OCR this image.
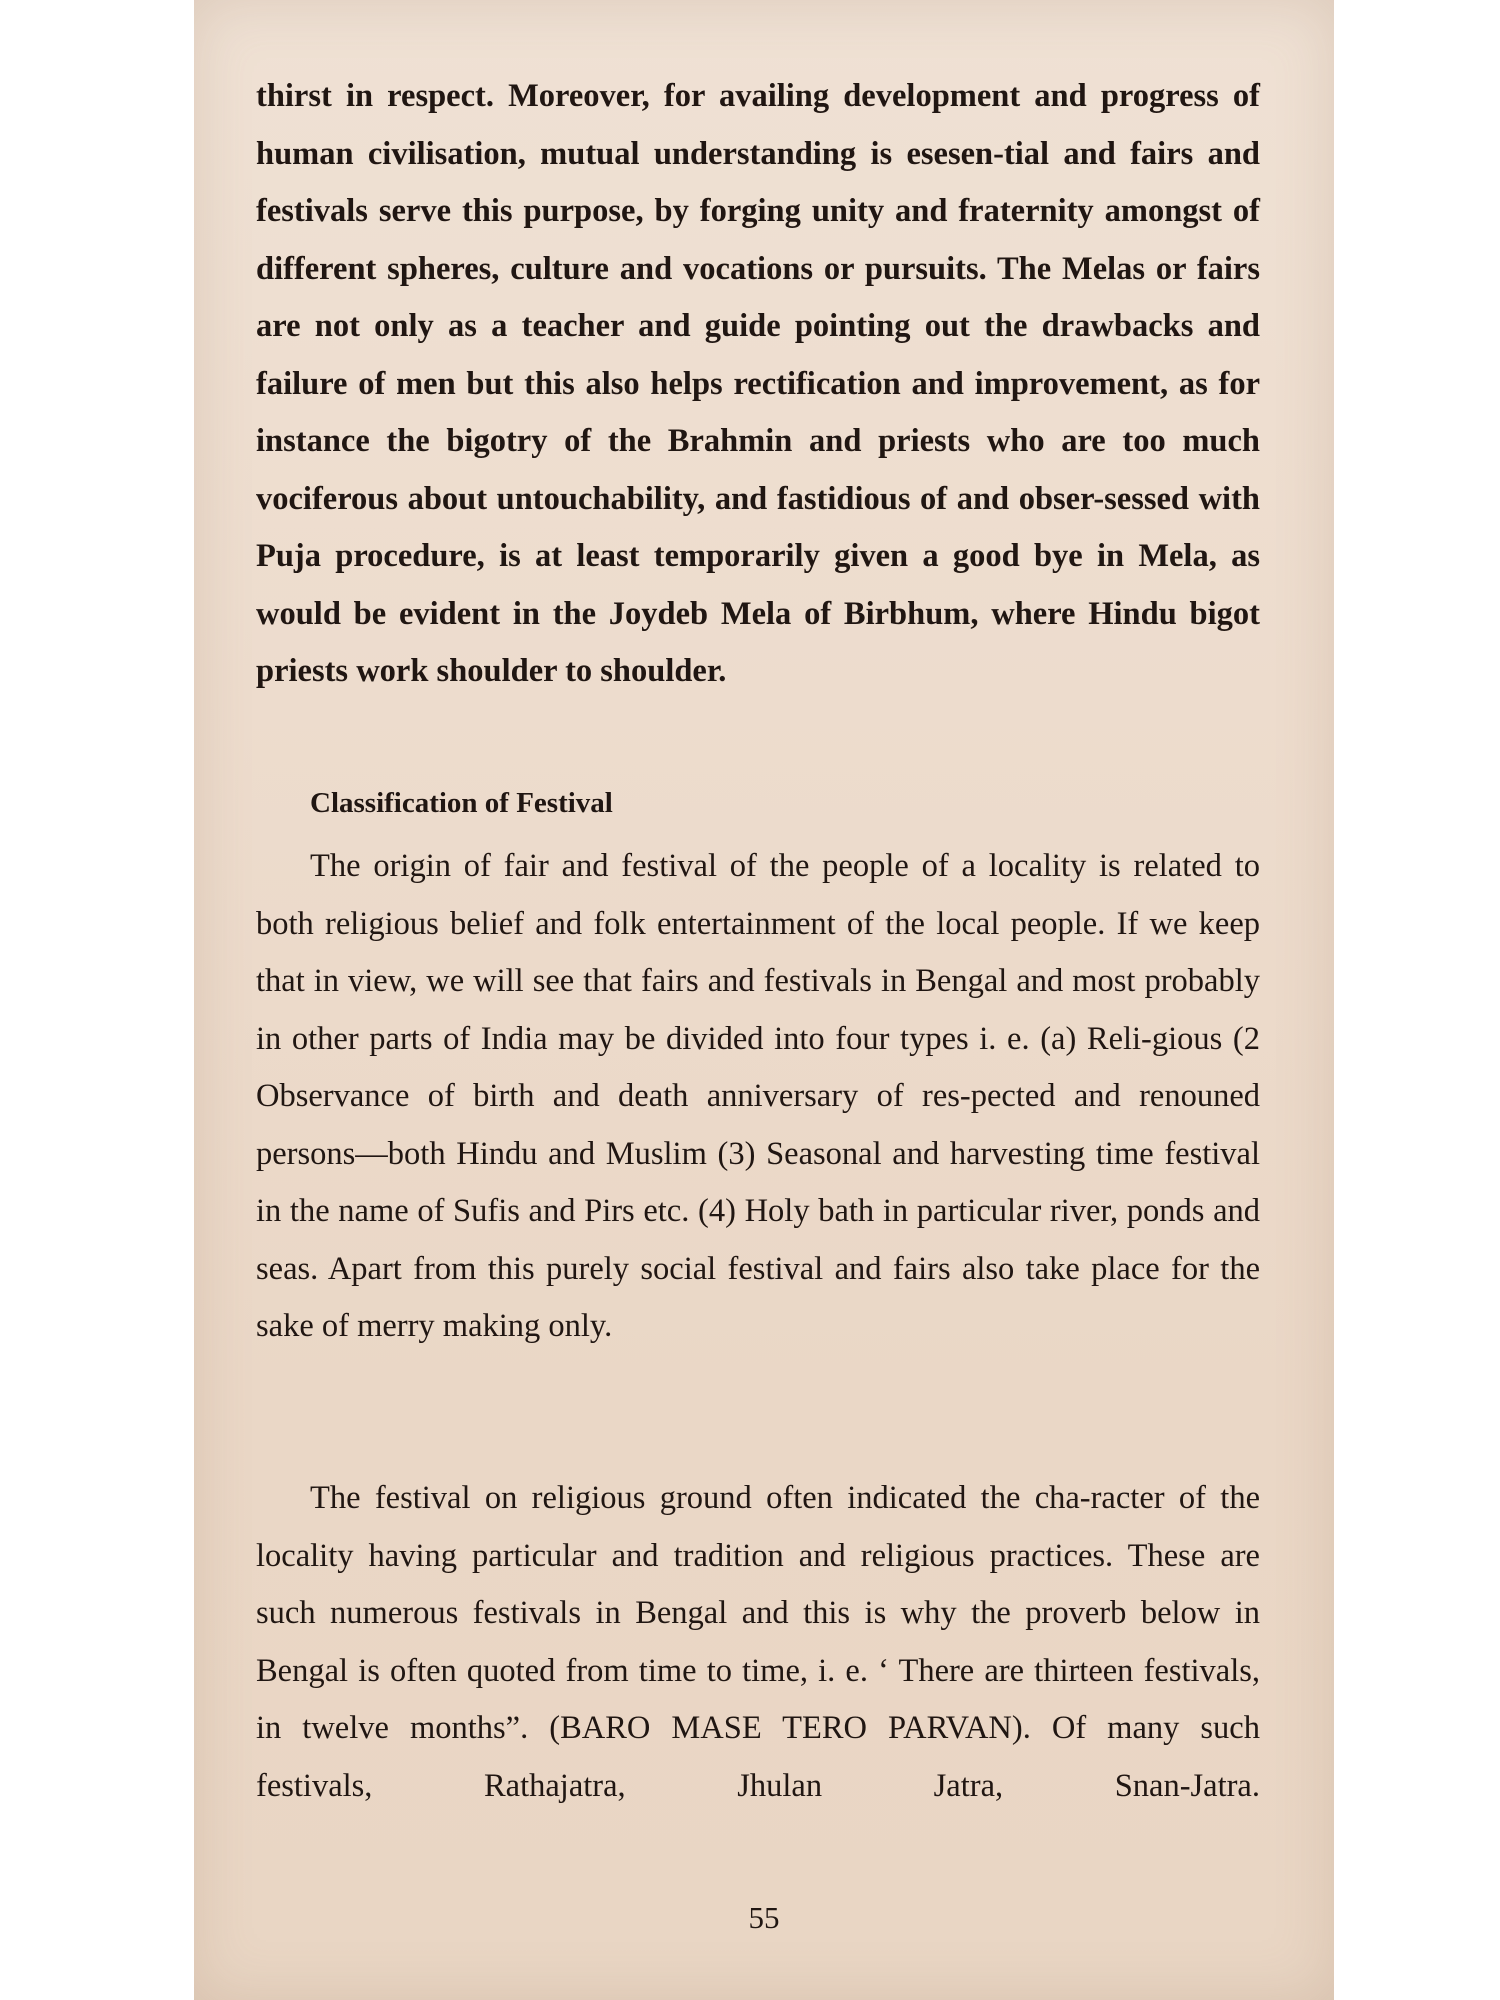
thirst in respect. Moreover, for availing development and progress of human civilisation, mutual understanding is esesen-tial and fairs and festivals serve this purpose, by forging unity and fraternity amongst of different spheres, culture and vocations or pursuits. The Melas or fairs are not only as a teacher and guide pointing out the drawbacks and failure of men but this also helps rectification and improvement, as for instance the bigotry of the Brahmin and priests who are too much vociferous about untouchability, and fastidious of and obser-sessed with Puja procedure, is at least temporarily given a good bye in Mela, as would be evident in the Joydeb Mela of Birbhum, where Hindu bigot priests work shoulder to shoulder.

Classification of Festival

The origin of fair and festival of the people of a locality is related to both religious belief and folk entertainment of the local people. If we keep that in view, we will see that fairs and festivals in Bengal and most probably in other parts of India may be divided into four types i. e. (a) Reli-gious (2 Observance of birth and death anniversary of res-pected and renouned persons—both Hindu and Muslim (3) Seasonal and harvesting time festival in the name of Sufis and Pirs etc. (4) Holy bath in particular river, ponds and seas. Apart from this purely social festival and fairs also take place for the sake of merry making only.

The festival on religious ground often indicated the cha-racter of the locality having particular and tradition and religious practices. These are such numerous festivals in Bengal and this is why the proverb below in Bengal is often quoted from time to time, i. e. ‘ There are thirteen festivals, in twelve months”. (BARO MASE TERO PARVAN). Of many such festivals, Rathajatra, Jhulan Jatra, Snan-Jatra.

55
